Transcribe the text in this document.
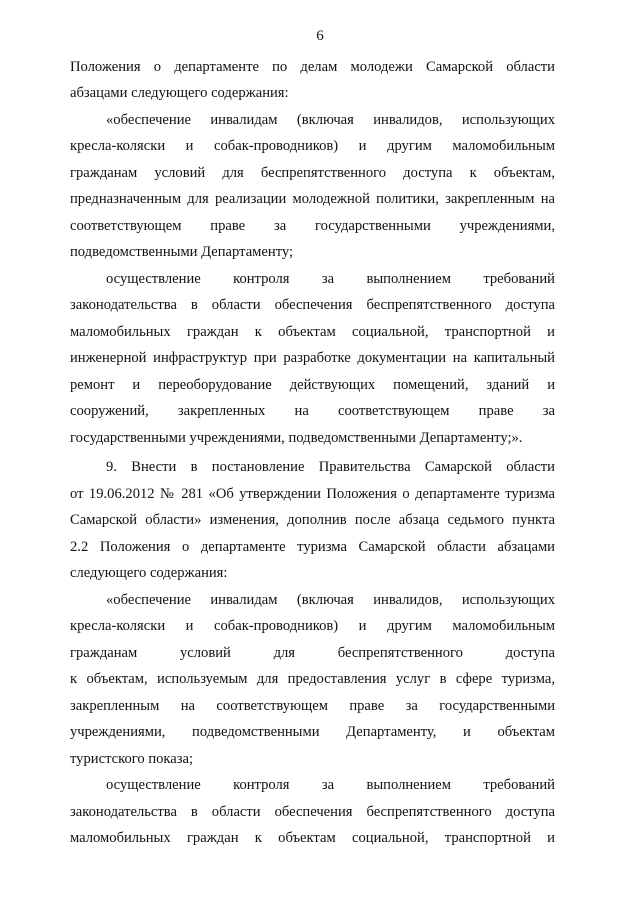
6
Положения о департаменте по делам молодежи Самарской области
абзацами следующего содержания:
«обеспечение инвалидам (включая инвалидов, использующих
кресла-коляски и собак-проводников) и другим маломобильным
гражданам условий для беспрепятственного доступа к объектам,
предназначенным для реализации молодежной политики, закрепленным на
соответствующем праве за государственными учреждениями,
подведомственными Департаменту;
осуществление контроля за выполнением требований
законодательства в области обеспечения беспрепятственного доступа
маломобильных граждан к объектам социальной, транспортной и
инженерной инфраструктур при разработке документации на капитальный
ремонт и переоборудование действующих помещений, зданий и
сооружений, закрепленных на соответствующем праве за
государственными учреждениями, подведомственными Департаменту;».
9. Внести в постановление Правительства Самарской области
от 19.06.2012 № 281 «Об утверждении Положения о департаменте туризма
Самарской области» изменения, дополнив после абзаца седьмого пункта
2.2 Положения о департаменте туризма Самарской области абзацами
следующего содержания:
«обеспечение инвалидам (включая инвалидов, использующих
кресла-коляски и собак-проводников) и другим маломобильным
гражданам условий для беспрепятственного доступа
к объектам, используемым для предоставления услуг в сфере туризма,
закрепленным на соответствующем праве за государственными
учреждениями, подведомственными Департаменту, и объектам
туристского показа;
осуществление контроля за выполнением требований
законодательства в области обеспечения беспрепятственного доступа
маломобильных граждан к объектам социальной, транспортной и
